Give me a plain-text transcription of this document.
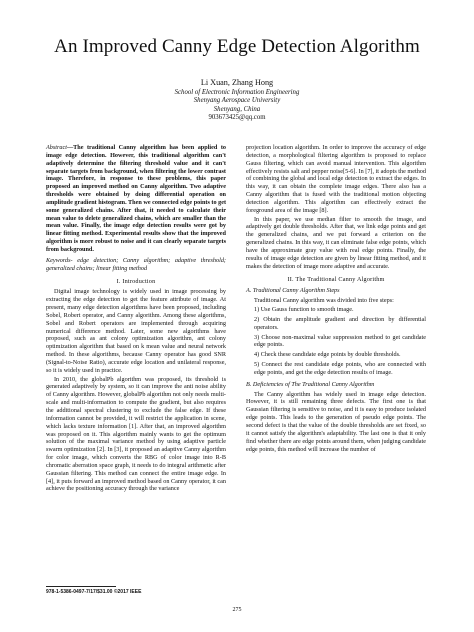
An Improved Canny Edge Detection Algorithm
Li Xuan, Zhang Hong
School of Electronic Information Engineering
Shenyang Aerospace University
Shenyang, China
903673425@qq.com

Abstract—The traditional Canny algorithm has been applied to image edge detection. However, this traditional algorithm can't adaptively determine the filtering threshold value and it can't separate targets from background, when filtering the lower contrast image. Therefore, in response to these problems, this paper proposed an improved method on Canny algorithm. Two adaptive thresholds were obtained by doing differential operation on amplitude gradient histogram. Then we connected edge points to get some generalized chains. After that, it needed to calculate their mean value to delete generalized chains, which are smaller than the mean value. Finally, the image edge detection results were got by linear fitting method. Experimental results show that the improved algorithm is more robust to noise and it can clearly separate targets from background.

Keywords- edge detection; Canny algorithm; adaptive threshold; generalized chains; linear fitting method

I. Introduction

Digital image technology is widely used in image processing by extracting the edge detection to get the feature attribute of image. At present, many edge detection algorithms have been proposed, including Sobel, Robert operator, and Canny algorithm. Among these algorithms, Sobel and Robert operators are implemented through acquiring numerical difference method. Later, some new algorithms have proposed, such as ant colony optimization algorithm, ant colony optimization algorithm that based on k mean value and neural network method. In these algorithms, because Canny operator has good SNR (Signal-to-Noise Ratio), accurate edge location and unilateral response, so it is widely used in practice.

In 2010, the globalPb algorithm was proposed, its threshold is generated adaptively by system, so it can improve the anti noise ability of Canny algorithm. However, globalPb algorithm not only needs multi-scale and multi-information to compute the gradient, but also requires the additional spectral clustering to exclude the false edge. If these information cannot be provided, it will restrict the application in scene, which lacks texture information [1]. After that, an improved algorithm was proposed on it. This algorithm mainly wants to get the optimum solution of the maximal variance method by using adaptive particle swarm optimization [2]. In [3], it proposed an adaptive Canny algorithm for color image, which converts the RBG of color image into R-B chromatic aberration space graph, it needs to do integral arithmetic after Gaussian filtering. This method can connect the entire image edge. In [4], it puts forward an improved method based on Canny operator, it can achieve the positioning accuracy through the variance

projection location algorithm. In order to improve the accuracy of edge detection, a morphological filtering algorithm is proposed to replace Gauss filtering, which can avoid manual intervention. This algorithm effectively resists salt and pepper noise[5-6]. In [7], it adopts the method of combining the global and local edge detection to extract the edges. In this way, it can obtain the complete image edges. There also has a Canny algorithm that is fused with the traditional motion objecting detection algorithm. This algorithm can effectively extract the foreground area of the image [8].

In this paper, we use median filter to smooth the image, and adaptively get double thresholds. After that, we link edge points and get the generalized chains, and we put forward a criterion on the generalized chains. In this way, it can eliminate false edge points, which have the approximate gray value with real edge points. Finally, the results of image edge detection are given by linear fitting method, and it makes the detection of image more adaptive and accurate.

II. The Traditional Canny Algorithm
A. Traditional Canny Algorithm Steps

Traditional Canny algorithm was divided into five steps:

1) Use Gauss function to smooth image.

2) Obtain the amplitude gradient and direction by differential operators.

3) Choose non-maximal value suppression method to get candidate edge points.

4) Check these candidate edge points by double thresholds.

5) Connect the rest candidate edge points, who are connected with edge points, and get the edge detection results of image.

B. Deficiencies of The Traditional Canny Algorithm

The Canny algorithm has widely used in image edge detection. However, it is still remaining three defects. The first one is that Gaussian filtering is sensitive to noise, and it is easy to produce isolated edge points. This leads to the generation of pseudo edge points. The second defect is that the value of the double thresholds are set fixed, so it cannot satisfy the algorithm's adaptability. The last one is that it only find whether there are edge points around them, when judging candidate edge points, this method will increase the number of

978-1-5386-0497-7/17/$31.00 ©2017 IEEE
275
